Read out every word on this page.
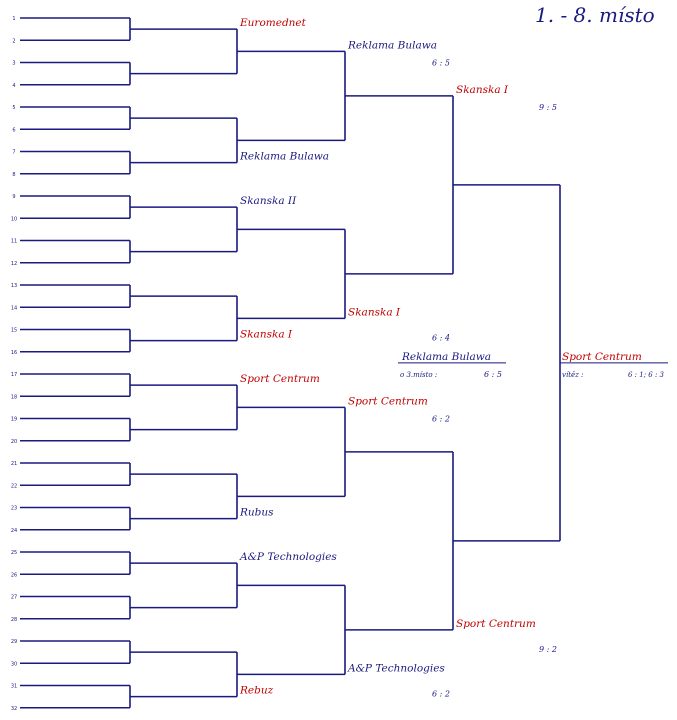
1. - 8. místo
1
2
3
4
5
6
7
8
9
10
11
12
13
14
15
16
17
18
19
20
21
22
23
24
25
26
27
28
29
30
31
32
Euromednet
Reklama Bulawa
Skanska II
Skanska I
Sport Centrum
Rubus
A&P Technologies
Rebuz
Reklama Bulawa
6 : 5
Skanska I
6 : 4
Sport Centrum
6 : 2
A&P Technologies
6 : 2
Skanska I
9 : 5
Sport Centrum
9 : 2
Sport Centrum
vítěz :	6 : 1; 6 : 3
Reklama Bulawa
o 3.místo :	6 : 5
